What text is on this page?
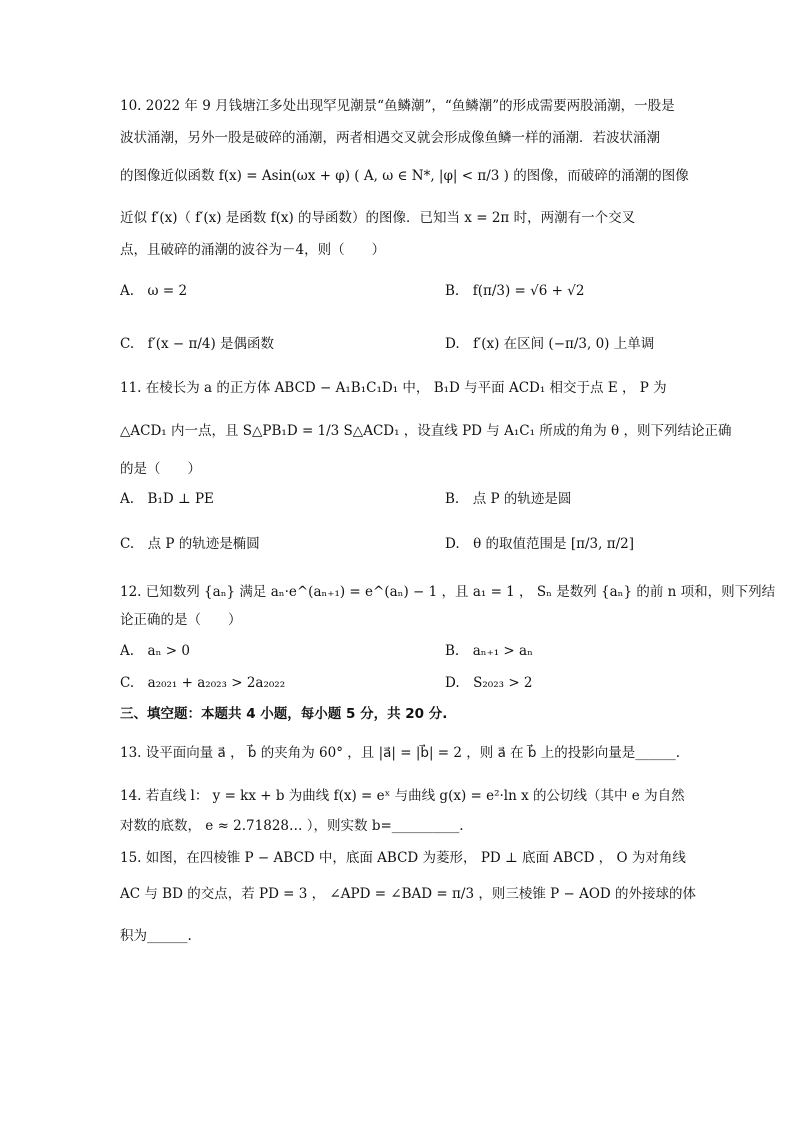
10. 2022 年 9 月钱塘江多处出现罕见潮景“鱼鳞潮”，“鱼鳞潮”的形成需要两股涌潮，一股是
波状涌潮，另外一股是破碎的涌潮，两者相遇交叉就会形成像鱼鳞一样的涌潮．若波状涌潮
的图像近似函数 f(x) = Asin(ωx + φ) ( A, ω ∈ N*, |φ| < π/3 ) 的图像，而破碎的涌潮的图像
近似 f′(x)（ f′(x) 是函数 f(x) 的导函数）的图像．已知当 x = 2π 时，两潮有一个交叉
点，且破碎的涌潮的波谷为－4，则（　　）
A.　ω = 2	B.　f(π/3) = √6 + √2
C.　f′(x − π/4) 是偶函数	D.　f′(x) 在区间 (−π/3, 0) 上单调
11. 在棱长为 a 的正方体 ABCD − A₁B₁C₁D₁ 中， B₁D 与平面 ACD₁ 相交于点 E ， P 为
△ACD₁ 内一点，且 S△PB₁D = 1/3 S△ACD₁ ，设直线 PD 与 A₁C₁ 所成的角为 θ ，则下列结论正确
的是（　　）
A.　B₁D ⊥ PE	B.　点 P 的轨迹是圆
C.　点 P 的轨迹是椭圆	D.　θ 的取值范围是 [π/3, π/2]
12. 已知数列 {aₙ} 满足 aₙ·e^(aₙ₊₁) = e^(aₙ) − 1 ，且 a₁ = 1 ， Sₙ 是数列 {aₙ} 的前 n 项和，则下列结
论正确的是（　　）
A.　aₙ > 0	B.　aₙ₊₁ > aₙ
C.　a₂₀₂₁ + a₂₀₂₃ > 2a₂₀₂₂	D.　S₂₀₂₃ > 2
三、填空题：本题共 4 小题，每小题 5 分，共 20 分.
13. 设平面向量 a⃗ ， b⃗ 的夹角为 60° ，且 |a⃗| = |b⃗| = 2 ，则 a⃗ 在 b⃗ 上的投影向量是______.
14. 若直线 l： y = kx + b 为曲线 f(x) = eˣ 与曲线 g(x) = e²·ln x 的公切线（其中 e 为自然
对数的底数， e ≈ 2.71828… ），则实数 b=__________.
15. 如图，在四棱锥 P − ABCD 中，底面 ABCD 为菱形， PD ⊥ 底面 ABCD ， O 为对角线
AC 与 BD 的交点，若 PD = 3 ， ∠APD = ∠BAD = π/3 ，则三棱锥 P − AOD 的外接球的体
积为______.
